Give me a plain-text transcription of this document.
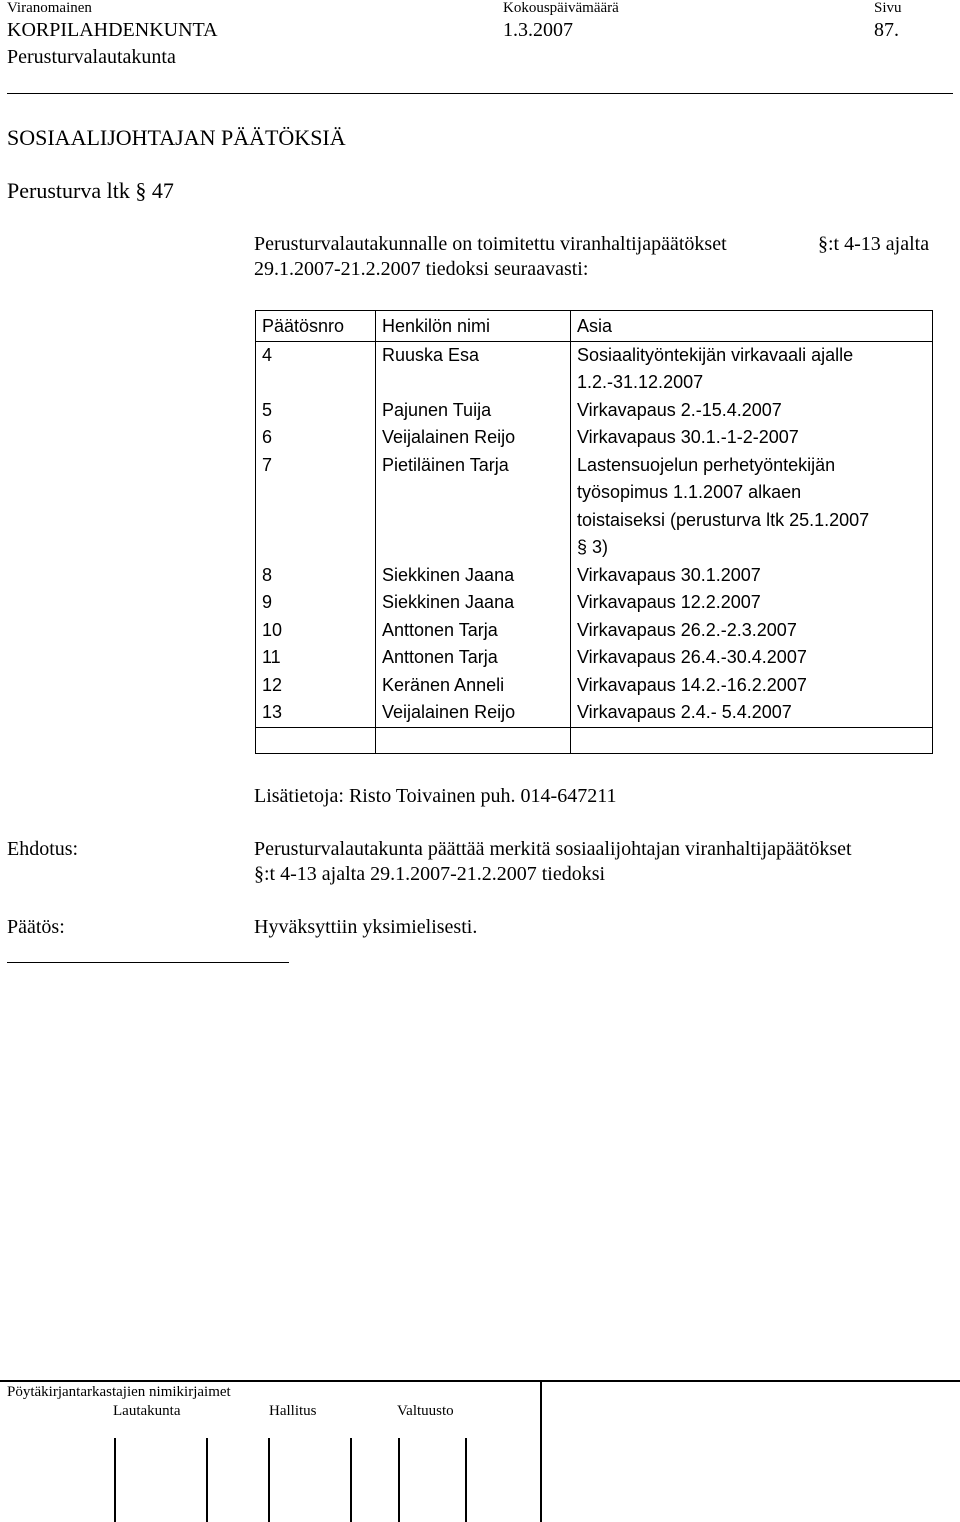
Viranomainen	Kokouspäivämäärä	Sivu
KORPILAHDENKUNTA	1.3.2007	87.
Perusturvalautakunta
SOSIAALIJOHTAJAN PÄÄTÖKSIÄ
Perusturva ltk § 47
Perusturvalautakunnalle on toimitettu viranhaltijapäätökset	§:t 4-13 ajalta
29.1.2007-21.2.2007 tiedoksi seuraavasti:
Päätösnro	Henkilön nimi	Asia
4	Ruuska Esa	Sosiaalityöntekijän virkavaali ajalle
1.2.-31.12.2007

5	Pajunen Tuija	Virkavapaus 2.-15.4.2007
6	Veijalainen Reijo	Virkavapaus 30.1.-1-2-2007
7	Pietiläinen Tarja	Lastensuojelun perhetyöntekijän
työsopimus 1.1.2007 alkaen
toistaiseksi (perusturva ltk 25.1.2007
§ 3)

8	Siekkinen Jaana	Virkavapaus 30.1.2007
9	Siekkinen Jaana	Virkavapaus 12.2.2007
10	Anttonen Tarja	Virkavapaus 26.2.-2.3.2007
11	Anttonen Tarja	Virkavapaus 26.4.-30.4.2007
12	Keränen Anneli	Virkavapaus 14.2.-16.2.2007
13	Veijalainen Reijo	Virkavapaus 2.4.- 5.4.2007

Lisätietoja: Risto Toivainen puh. 014-647211
Ehdotus:	Perusturvalautakunta päättää merkitä sosiaalijohtajan viranhaltijapäätökset
§:t 4-13 ajalta 29.1.2007-21.2.2007 tiedoksi
Päätös:	Hyväksyttiin yksimielisesti.
Pöytäkirjantarkastajien nimikirjaimet
Lautakunta	Hallitus	Valtuusto
